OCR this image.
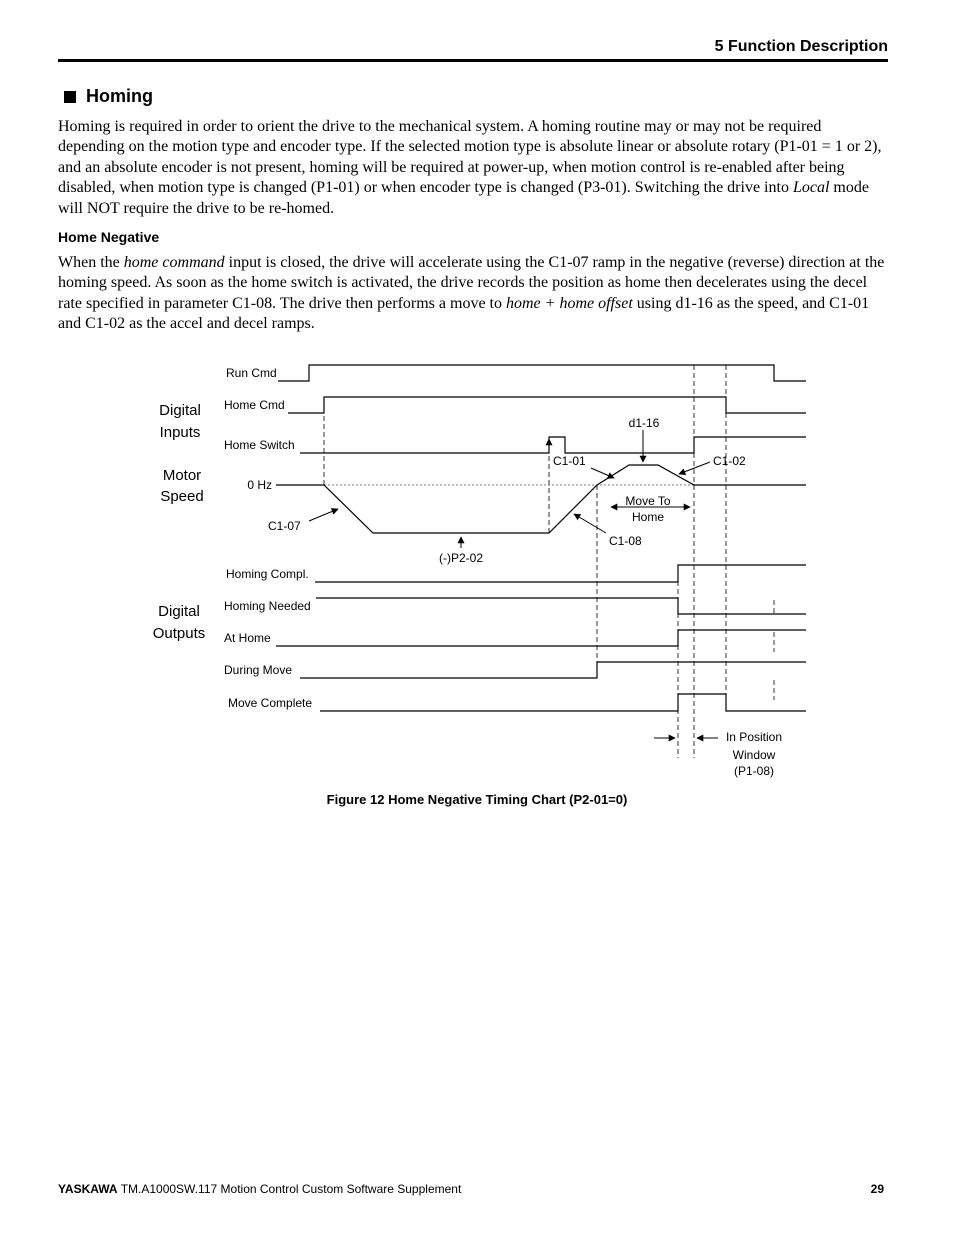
5 Function Description
Homing

Homing is required in order to orient the drive to the mechanical system. A homing routine may or may not be required depending on the motion type and encoder type. If the selected motion type is absolute linear or absolute rotary (P1-01 = 1 or 2), and an absolute encoder is not present, homing will be required at power-up, when motion control is re-enabled after being disabled, when motion type is changed (P1-01) or when encoder type is changed (P3-01). Switching the drive into Local mode will NOT require the drive to be re-homed.

Home Negative

When the home command input is closed, the drive will accelerate using the C1-07 ramp in the negative (reverse) direction at the homing speed. As soon as the home switch is activated, the drive records the position as home then decelerates using the decel rate specified in parameter C1-08. The drive then performs a move to home + home offset using d1-16 as the speed, and C1-01 and C1-02 as the accel and decel ramps.

Digital
Inputs
Motor
Speed
Digital
Outputs
Run Cmd
Home Cmd
Home Switch
0 Hz
Homing Compl.
Homing Needed
At Home
During Move
Move Complete
C1-07
(-)P2-02
C1-01
d1-16
C1-02
C1-08
Move To
Home
In Position
Window
(P1-08)
Figure 12 Home Negative Timing Chart (P2-01=0)
YASKAWA TM.A1000SW.117 Motion Control Custom Software Supplement	29
